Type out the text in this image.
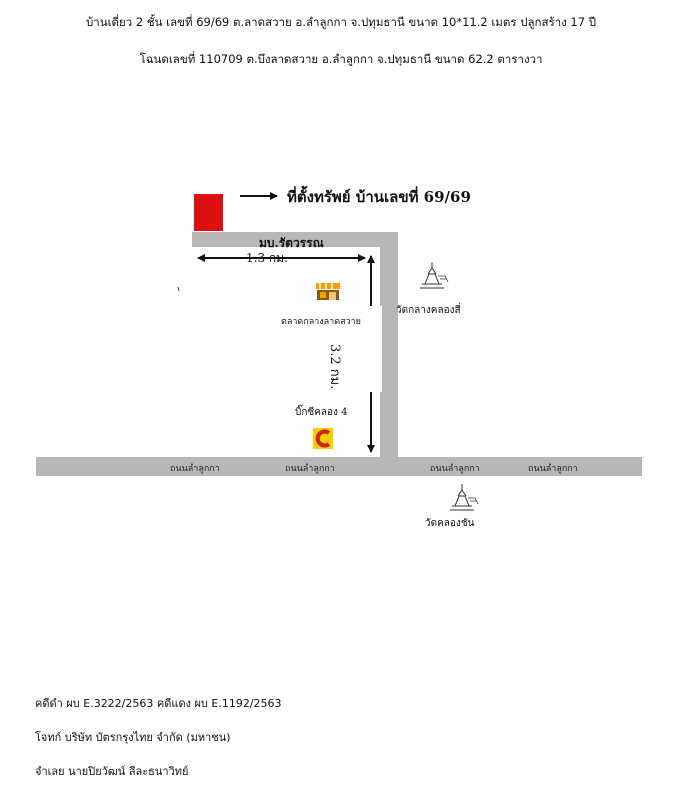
บ้านเดี่ยว 2 ชั้น เลขที่ 69/69 ต.ลาดสวาย อ.ลำลูกกา จ.ปทุมธานี ขนาด 10*11.2 เมตร ปลูกสร้าง 17 ปี
โฉนดเลขที่ 110709 ต.บึงลาดสวาย อ.ลำลูกกา จ.ปทุมธานี ขนาด 62.2 ตารางวา
ที่ตั้งทรัพย์ บ้านเลขที่ 69/69
มบ.รัตวรรณ
1.3 กม.
3.2 กม.
ตลาดกลางลาดสวาย
วัดกลางคลองสี่
บิ๊กซีคลอง 4
วัดคลองชัน
ถนนลำลูกกา	ถนนลำลูกกา	ถนนลำลูกกา	ถนนลำลูกกา
คดีดำ ผบ E.3222/2563 คดีแดง ผบ E.1192/2563
โจทก์ บริษัท บัตรกรุงไทย จำกัด (มหาชน)
จำเลย นายปิยวัฒน์ ลีละธนาวิทย์
